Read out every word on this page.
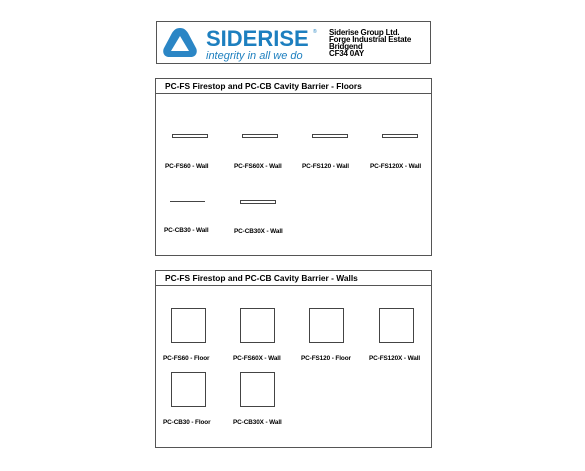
SIDERISE ®
integrity in all we do
Siderise Group Ltd.
Forge Industrial Estate
Bridgend
CF34 0AY
PC-FS Firestop and PC-CB Cavity Barrier - Floors
PC-FS60 - Wall	PC-FS60X - Wall	PC-FS120 - Wall	PC-FS120X - Wall
PC-CB30 - Wall	PC-CB30X - Wall
PC-FS Firestop and PC-CB Cavity Barrier - Walls
PC-FS60 - Floor	PC-FS60X - Wall	PC-FS120 - Floor	PC-FS120X - Wall
PC-CB30 - Floor	PC-CB30X - Wall
